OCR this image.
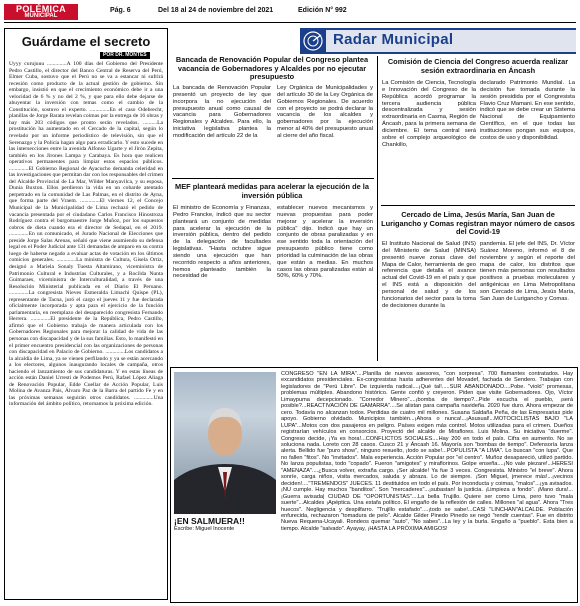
POLÉMICA
MUNICIPAL
Pág. 6	Del 18 al 24 de noviembre del 2021	Edición N° 992
Guárdame el secreto
POR DR. MONTES
Uyyy curujuuu ..............A 100 días del Gobierno del Presidente Pedro Castillo, el director del Banco Central de Reserva del Perú, Elmer Cuba, sostuvo que el Perú no se va a estancar ni sufrirá recesión como producto de la actual gestión de gobierno. Sin embargo, insistió en que el crecimiento económico debe ir a una velocidad de 6 % y no del 2 %, y que para ello debe dejarse de ahuyentar la inversión con temas como el cambio de la Constitución, sostuvo el experto. ..............En el caso Odebrecht, planillas de Jorge Barata revelan coimas por la entrega de 16 obras y hay más 203 códigos que pronto serán revelados. ..........La prostitución ha aumentado en el Cercado de la capital, según lo revelado por un informe periodístico de televisión, sin que el Serenazgo y la Policía hagan algo para erradicarlo. Y esto sucede en las intersecciones entre la avenida Alfonso Ugarte y el Jirón Zepita, también en los Jirones Lampa y Carabaya. Es hora que realicen operativos permanentes para limpiar estos espacios públicos. ..............El Gobierno Regional de Ayacucho demanda celeridad en las investigaciones que permitan dar con los responsables del crimen del Alcalde Provincial de La Mar, Wilder Manyavilca, y su esposa, Dunia Buxton. Ellos perdieron la vida en un cobarde atentado perpetrado en la comunidad de Las Palmas, en el distrito de Ayna, que forma parte del Vraem. ..............El viernes 12, el Concejo Municipal de la Municipalidad de Lima rechazó el pedido de vacancia presentada por el ciudadano Carlos Francisco Hinostroza Rodríguez contra el burgomaestre Jorge Muñoz, por los supuestos cobros de dieta cuando era el director de Sedapal, en el 2019. ..............En un comunicado, el Jurado Nacional de Elecciones que preside Jorge Salas Arenas, señaló que viene asumiendo su defensa legal en el Poder Judicial ante 131 demandas de amparo en su contra luego de haberse negado a evaluar actas de votación en los últimos comicios generales. ..............La ministra de Cultura, Gisela Ortiz, designó a Mariela Sonaly Tuesta Altamirano, viceministra de Patrimonio Cultural e Industrias Culturales, y a Rocilda Nunta Guimaraes, viceministra de Interculturalidad, a través de una Resolución Ministerial publicada en el Diario El Peruano. ..............La congresista Nieves Esmeralda Limachi Quispe (PL), representante de Tacna, juró el cargo el jueves 11 y fue declarada oficialmente incorporada y apta para el ejercicio de la función parlamentaria, en reemplazo del desaparecido congresista Fernando Herrera. ..............El presidente de la República, Pedro Castillo, afirmó que el Gobierno trabaja de manera articulada con los Gobernadores Regionales para mejorar la calidad de vida de las personas con discapacidad y de la sus familias. Esto, lo manifestó en el primer encuentro presidencial con las organizaciones de personas con discapacidad en Palacio de Gobierno. ..............Los candidatos a la alcaldía de Lima, ya se vienen perfilando y ya se están acercando a los electores, algunos inaugurando locales de campaña, otros haciendo el lanzamiento de sus candidaturas. Y en estas líneas de acción están Daniel Urresti de Podemos Perú, Rafael López Aliaga de Renovación Popular, Edde Cuellar de Acción Popular, Luis Molina de Avanza País, Álvaro Paz de la Barra del partido Fe y en las próximas semanas seguirán otros candidatos. ..............Una información del ámbito político, retornamos la próxima edición.
Radar Municipal
Bancada de Renovación Popular del Congreso plantea vacancia de Gobernadores y Alcaldes por no ejecutar presupuesto
La bancada de Renovación Popular presentó un proyecto de ley que incorpora la no ejecución del presupuesto anual como causal de vacancia para Gobernadores Regionales y Alcaldes. Para ello, la iniciativa legislativa plantea la modificación del artículo 22 de la
Ley Orgánica de Municipalidades y del artículo 30 de la Ley Orgánica de Gobiernos Regionales. De acuerdo con el proyecto se podrá declarar la vacancia de los alcaldes y gobernadores por la ejecución menor al 40% del presupuesto anual al cierre del año fiscal.
Comisión de Ciencia del Congreso acuerda realizar sesión extraordinaria en Áncash
La Comisión de Ciencia, Tecnología e Innovación del Congreso de la República acordó programar la tercera audiencia pública descentralizada y sesión extraordinaria en Casma, Región de Áncash, para la primera semana de diciembre. El tema central será sobre el complejo arqueológico de Chankillo,
declarado Patrimonio Mundial. La decisión fue tomada durante la sesión presidida por el Congresista Flavio Cruz Mamani. En ese sentido, indicó que se debe crear un Sistema Nacional de Equipamiento Científico, en el que todas las instituciones pongan sus equipos, costos de uso y disponibilidad.
MEF planteará medidas para acelerar la ejecución de la inversión pública
El ministro de Economía y Finanzas, Pedro Francke, indicó que su sector planteará un conjunto de medidas para acelerar la ejecución de la inversión pública, dentro del pedido de la delegación de facultades legislativas. "Hasta octubre sigue siendo una ejecución que han recorrido respecto a años anteriores, hemos planteado también la necesidad de
establecer nuevos mecanismos y nuevas propuestas para poder mejorar y acelerar la inversión pública" dijo. Indicó que hay un conjunto de obras paralizadas y en ese sentido toda la orientación del presupuesto público tiene como prioridad la culminación de las obras que están a medias. En muchos casos las obras paralizadas están al 50%, 60% y 70%.
Cercado de Lima, Jesús María, San Juan de Lurigancho y Comas registran mayor número de casos del Covid-19
El Instituto Nacional de Salud (INS) del Ministerio de Salud (MINSA) presentó nueve zonas clave del Mapa de Calor, herramienta de geo referencia que detalla el avance actual del Covid-19 en el país y que el INS está a disposición del personal de salud y de los funcionarios del sector para la toma de decisiones durante la
pandemia. El jefe del INS, Dr. Víctor Suárez Moreno, informó el 8 de noviembre y según el reporte del mapa de calor, los distritos que tienen más personas con resultados positivos a pruebas moleculares y antigénicas en Lima Metropolitana son Cercado de Lima, Jesús María, San Juan de Lurigancho y Comas.
¡EN SALMUERA!!
Escribe: Miguel Inocente
CONGRESO "EN LA MIRA"....Planilla de nuevos asesores, "con sorpresa". 700 flamantes contratados. Hay excandidatos presidenciales. Ex-congresistas hasta adherentes del Movadef, fachada de Sendero. Trabajan con legisladores de "Perú Libre". De izquierda radical....¡Qué tal!.....SUR ABANDONADO....Pobe. "violó" promesas, problemas múltiples. Abandono histórico. Gente confió y creyeron. Piden que visite Gobernadores. Ojo, Víctor Limaypuma decepcionado. "Corredor Minero"....¡bomba de tiempo?...Pide escucha el pueblo, ¡será posible?...REACTIVACIÓN DE GAMARRA"....Se alistan para campaña navideña. 2020 fue duro. Ahora empezar de cero. Todavía no alcanzan todos. Perdidas de cuatro mil millones. Susana Saldaña Peña, de las Empresarias pide apoyo. Gobierno olvidado. Municipios también...¡Ahora o nunca!...¡Asusual!...MOTOCICLISTAS BAJO "LA LUPA"...Motos con dos pasajeros en peligro. Países exigen más control. Motos utilizadas para el crimen. Dueños registrarían vehículos en consorcios. Proyectó del alcalde de Miraflores. Luis Molina. Su iniciativa "duerme". Congreso decide, ¡Ya es hora!...CONFLICTOS SOCIALES....Hay 200 en todo el país. Cifra en aumento. No se soluciona nada. Loreto con 28 casos. Cusco 21 y Áncash 16. Mayoría son "bombas de tiempo". Defensoría lanza alerta. Bellido fue "puro show", ninguno resuelto, ¡todo se sabe!...POPULISTA "A LIMA". Lo buscan "con lupa". Que no fallen "fitos". No "invitados". Mala experiencia. Acción Popular por "el centro". Muñoz desapareció, utilizó partido. No lanza populistas, todo "copado". Fueron "amigotes" y miraflorinos. Golpe enseña....¡No vale piezare!...HERESI "AMENAZA"....¿Busca volver, extraña cargo. ¡Ser alcalde! Ya fue 3 veces. Congresista. Ministro "el breve". Ahora sonríe, carga niños, visita mercados, saluda y abraza. Lo de siempre. ¡Son Miguel, jmerece más!...¡vecinos deciden!...."TREMENDOS" JUECES. 11 destituidos en todo el país. Por inconducta y coimas, "malos"...¡ya avisados. ¡NU cumple. Hay muchos "banditos". Son "mercaderes"...¡subastan! la justicia. ¡Limpieza a fondo". ¡Mano dura!...¡Guerra avisada| CIUDAD DE "OPORTUNISTAS"....La bella Trujillo. Quiere ser como Lima, pero tuvo "mala suerte"...Alcaldes ¡Apéptica. Una estafa político. El engaño de la reflexión de calles. Millones "al agua". Ahora "Tres huecos". Negligencia y despilfarro. "Trujillo estafado"....¡todo se sabe!...CASI "LINCHAN"ALCALDE. Población enfurecida, rechazaron "tomadura de pelo". Alcalde Gilder Pinedo Pinedo se negó "rendir cuentas". Fue en distrito Nueva Requena-Ucayali. Rondeos quemar "auto", "No sabes"...La ley y la burla. Engaño a "pueblo". Esta bien a tiempo. Alcalde "salvado". Ayayay, ¡HASTA LA PRÓXIMA AMIGOS!
